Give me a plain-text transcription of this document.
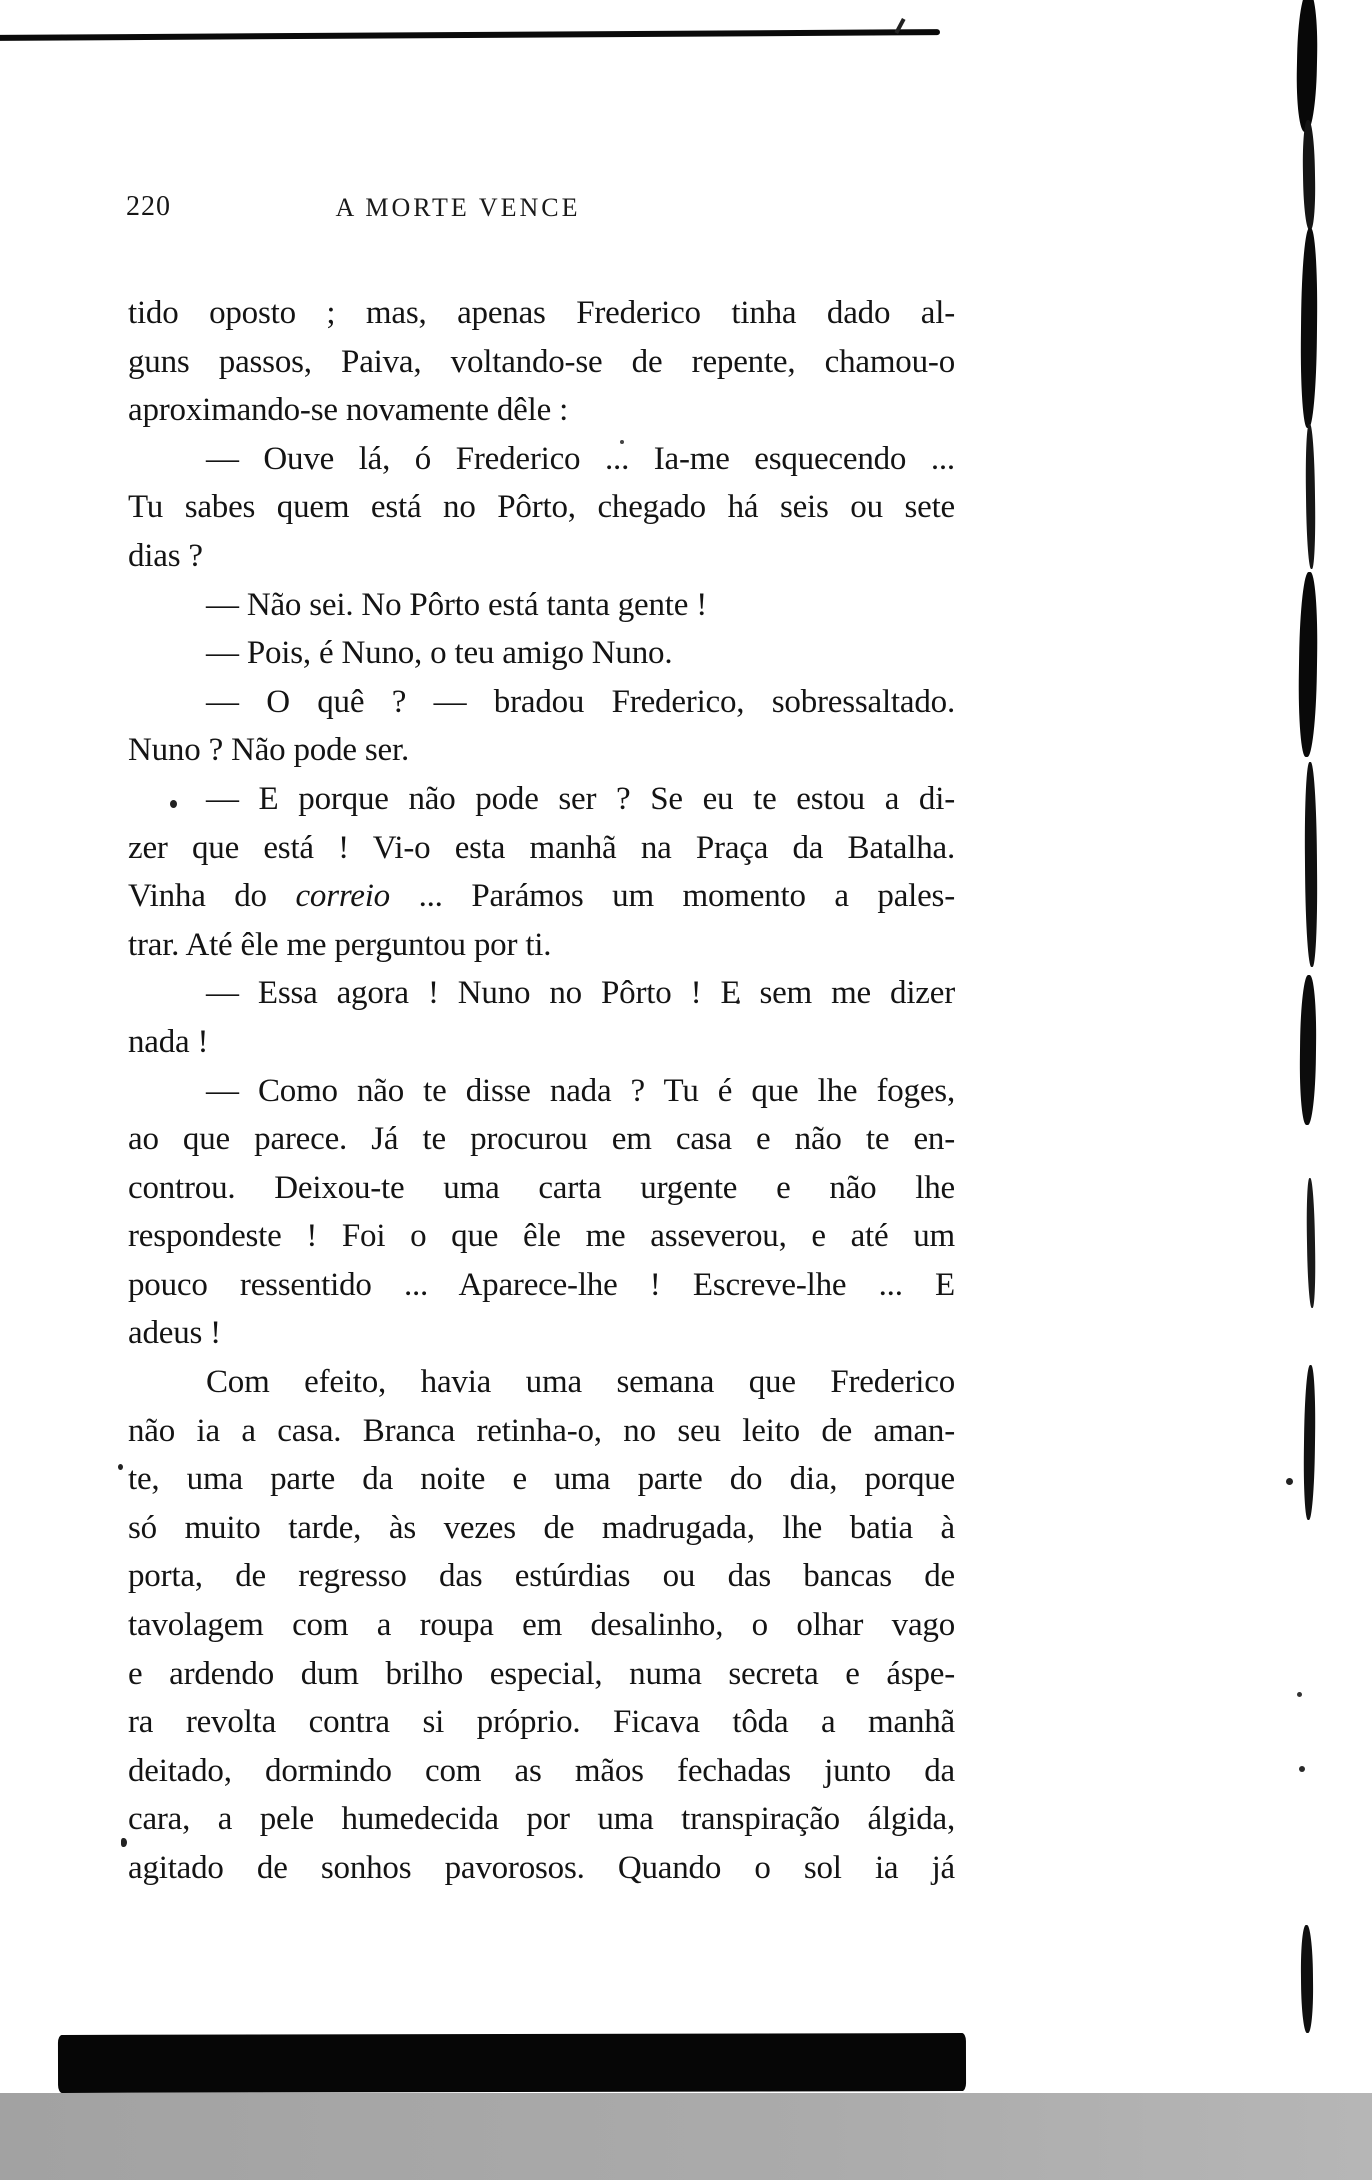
220	A MORTE VENCE
tido oposto ; mas, apenas Frederico tinha dado al-
guns passos, Paiva, voltando-se de repente, chamou-o
aproximando-se novamente dêle :
— Ouve lá, ó Frederico ... Ia-me esquecendo ...
Tu sabes quem está no Pôrto, chegado há seis ou sete
dias ?
— Não sei. No Pôrto está tanta gente !
— Pois, é Nuno, o teu amigo Nuno.
— O quê ? — bradou Frederico, sobressaltado.
Nuno ? Não pode ser.
— E porque não pode ser ? Se eu te estou a di-
zer que está ! Vi-o esta manhã na Praça da Batalha.
Vinha do correio ... Parámos um momento a pales-
trar. Até êle me perguntou por ti.
— Essa agora ! Nuno no Pôrto ! E sem me dizer
nada !
— Como não te disse nada ? Tu é que lhe foges,
ao que parece. Já te procurou em casa e não te en-
controu. Deixou-te uma carta urgente e não lhe
respondeste ! Foi o que êle me asseverou, e até um
pouco ressentido ... Aparece-lhe ! Escreve-lhe ... E
adeus !
Com efeito, havia uma semana que Frederico
não ia a casa. Branca retinha-o, no seu leito de aman-
te, uma parte da noite e uma parte do dia, porque
só muito tarde, às vezes de madrugada, lhe batia à
porta, de regresso das estúrdias ou das bancas de
tavolagem com a roupa em desalinho, o olhar vago
e ardendo dum brilho especial, numa secreta e áspe-
ra revolta contra si próprio. Ficava tôda a manhã
deitado, dormindo com as mãos fechadas junto da
cara, a pele humedecida por uma transpiração álgida,
agitado de sonhos pavorosos. Quando o sol ia já
